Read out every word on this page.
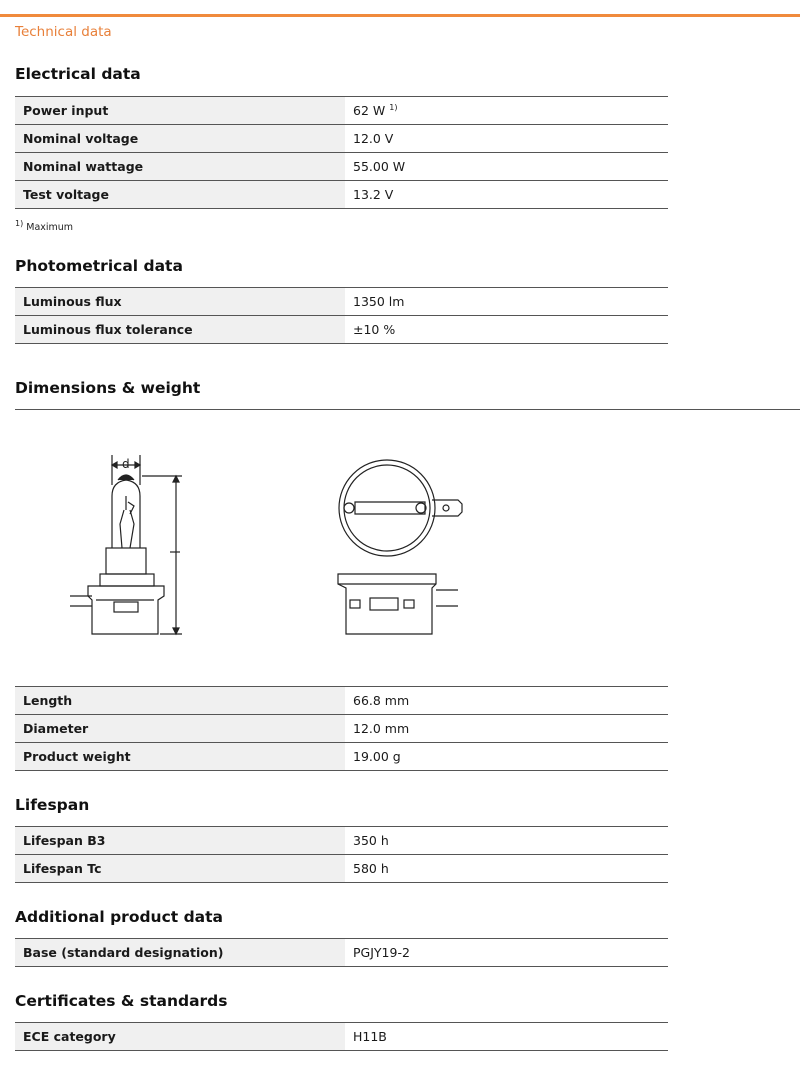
Technical data
Electrical data
Power input	62 W $^{1)}$
Nominal voltage	12.0 V
Nominal wattage	55.00 W
Test voltage	13.2 V
$^{1)}$ Maximum
Photometrical data
Luminous flux	1350 lm
Luminous flux tolerance	±10 %
Dimensions & weight
d
Length	66.8 mm
Diameter	12.0 mm
Product weight	19.00 g
Lifespan
Lifespan B3	350 h
Lifespan Tc	580 h
Additional product data
Base (standard designation)	PGJY19-2
Certificates & standards
ECE category	H11B
